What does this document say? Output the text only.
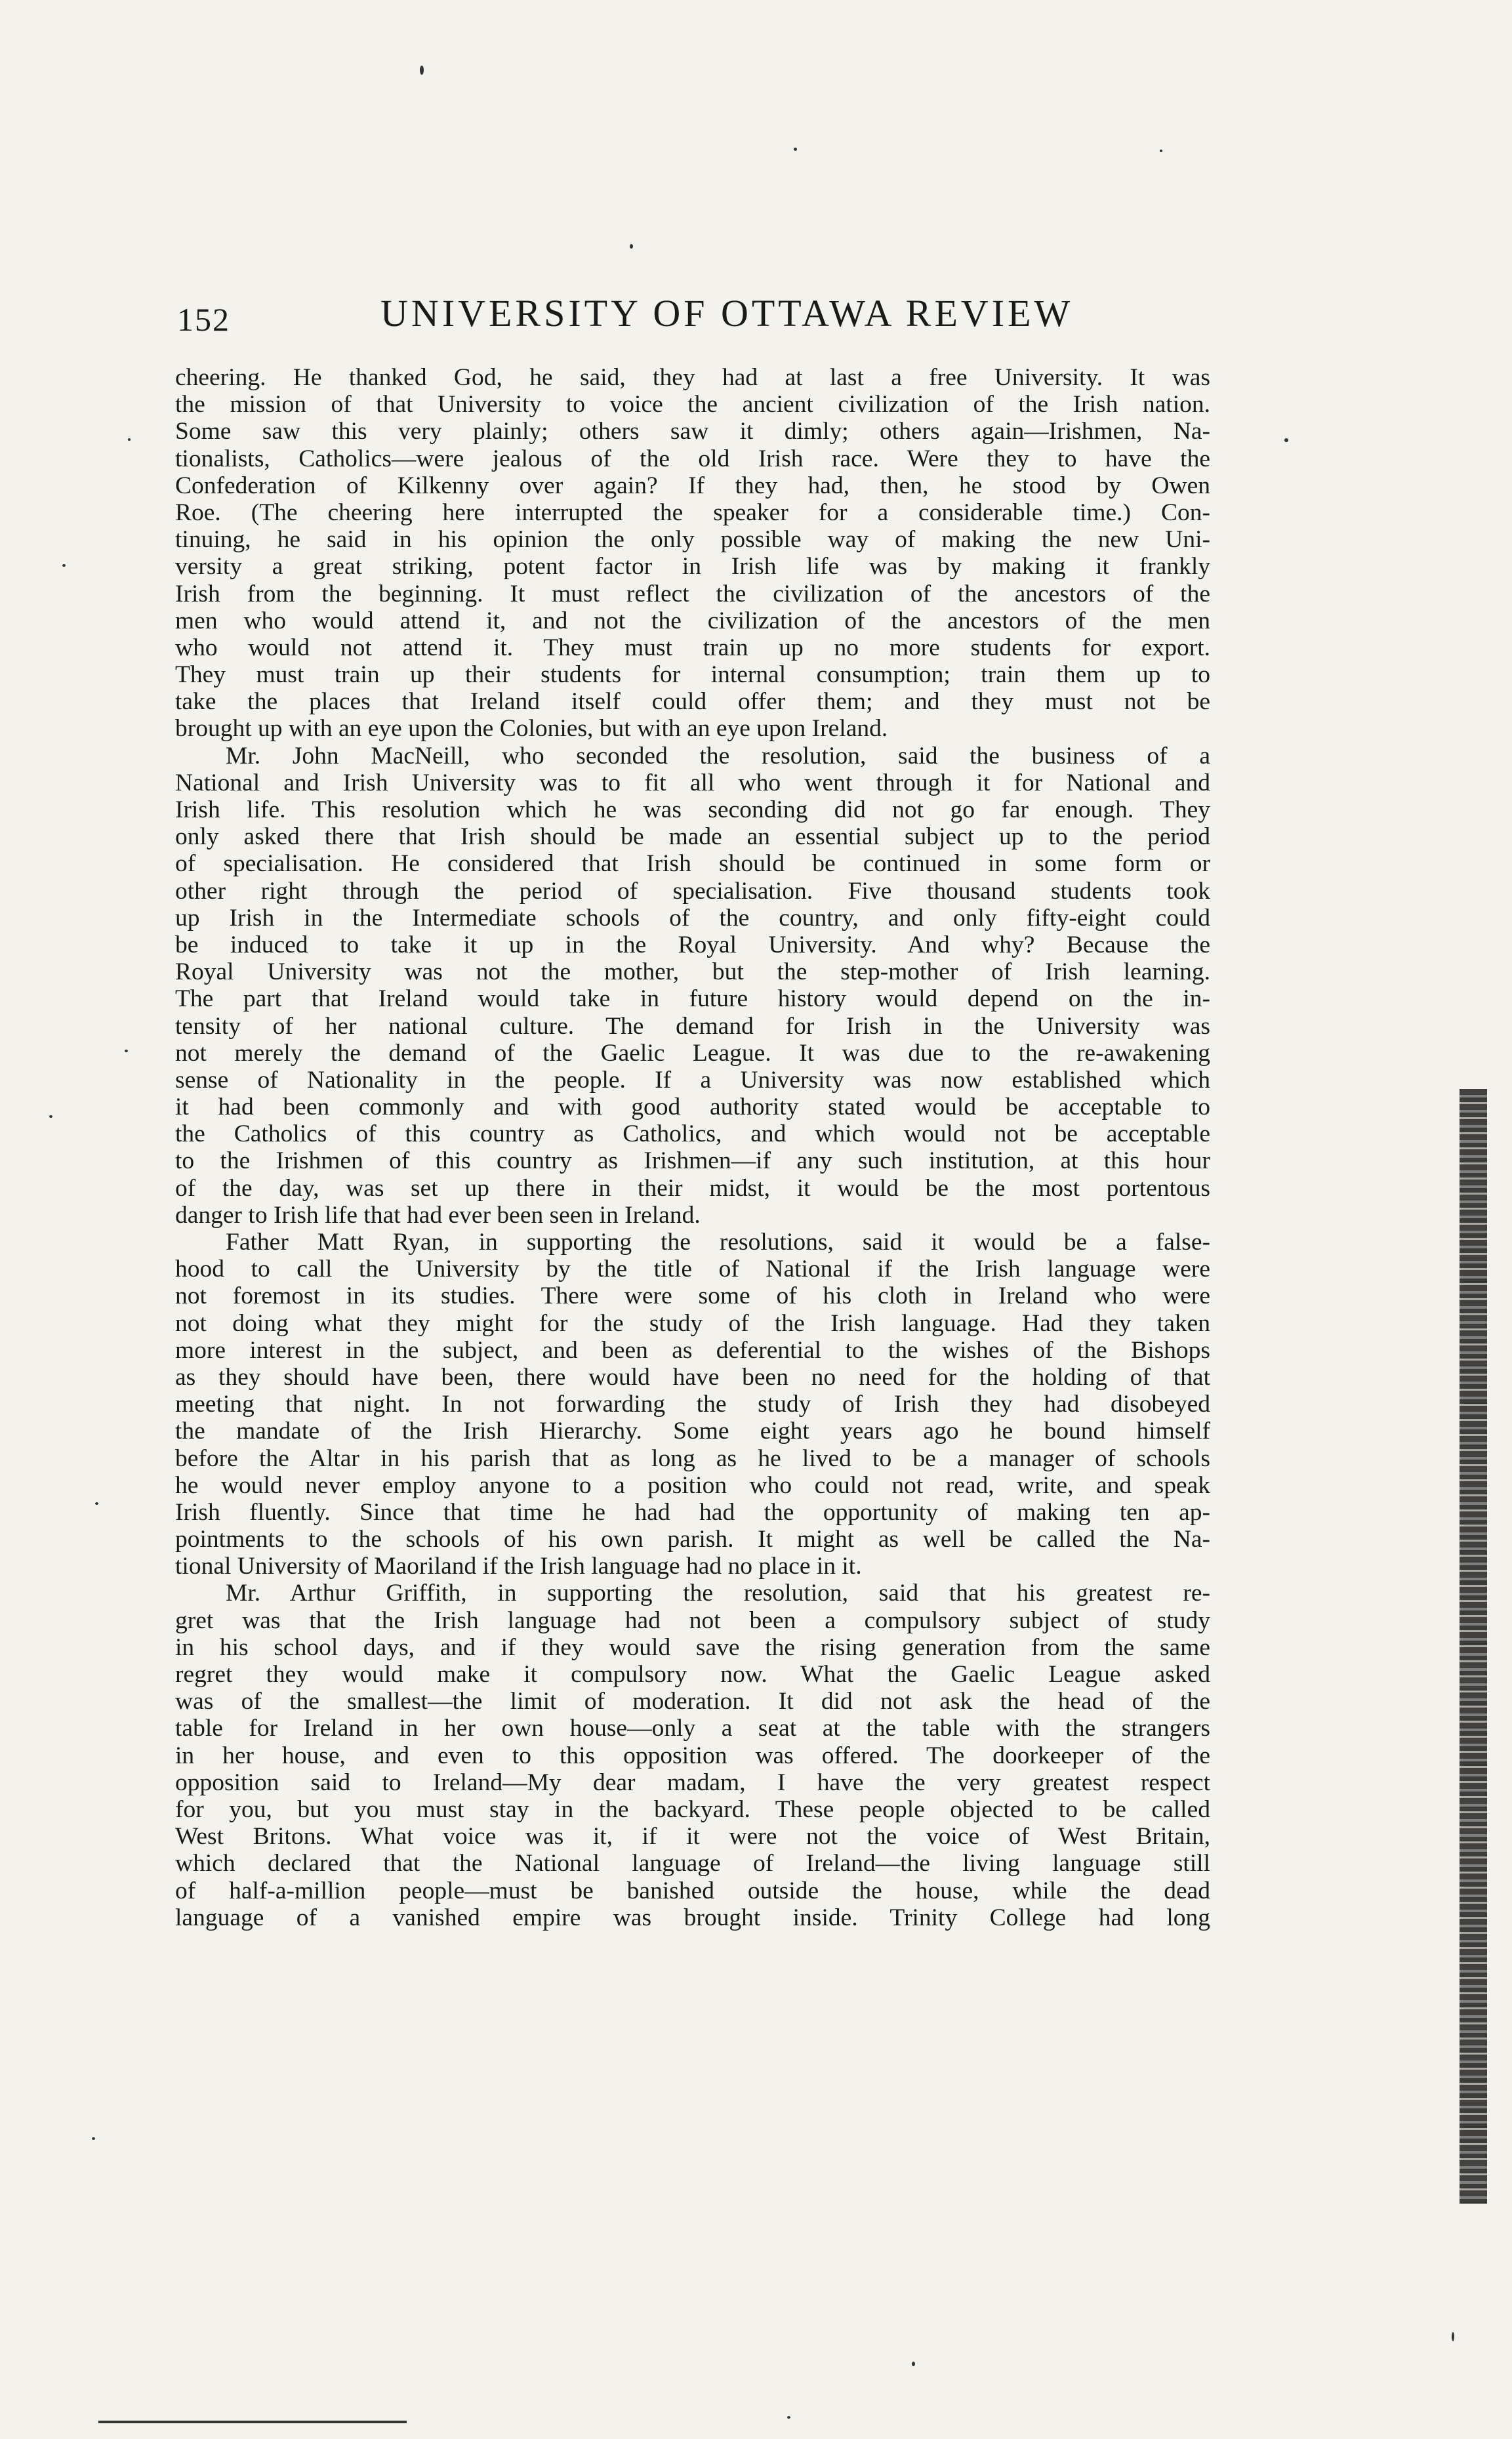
152	UNIVERSITY OF OTTAWA REVIEW
cheering. He thanked God, he said, they had at last a free University. It was
the mission of that University to voice the ancient civilization of the Irish nation.
Some saw this very plainly; others saw it dimly; others again—Irishmen, Na-
tionalists, Catholics—were jealous of the old Irish race. Were they to have the
Confederation of Kilkenny over again? If they had, then, he stood by Owen
Roe. (The cheering here interrupted the speaker for a considerable time.) Con-
tinuing, he said in his opinion the only possible way of making the new Uni-
versity a great striking, potent factor in Irish life was by making it frankly
Irish from the beginning. It must reflect the civilization of the ancestors of the
men who would attend it, and not the civilization of the ancestors of the men
who would not attend it. They must train up no more students for export.
They must train up their students for internal consumption; train them up to
take the places that Ireland itself could offer them; and they must not be
brought up with an eye upon the Colonies, but with an eye upon Ireland.
Mr. John MacNeill, who seconded the resolution, said the business of a
National and Irish University was to fit all who went through it for National and
Irish life. This resolution which he was seconding did not go far enough. They
only asked there that Irish should be made an essential subject up to the period
of specialisation. He considered that Irish should be continued in some form or
other right through the period of specialisation. Five thousand students took
up Irish in the Intermediate schools of the country, and only fifty-eight could
be induced to take it up in the Royal University. And why? Because the
Royal University was not the mother, but the step-mother of Irish learning.
The part that Ireland would take in future history would depend on the in-
tensity of her national culture. The demand for Irish in the University was
not merely the demand of the Gaelic League. It was due to the re-awakening
sense of Nationality in the people. If a University was now established which
it had been commonly and with good authority stated would be acceptable to
the Catholics of this country as Catholics, and which would not be acceptable
to the Irishmen of this country as Irishmen—if any such institution, at this hour
of the day, was set up there in their midst, it would be the most portentous
danger to Irish life that had ever been seen in Ireland.
Father Matt Ryan, in supporting the resolutions, said it would be a false-
hood to call the University by the title of National if the Irish language were
not foremost in its studies. There were some of his cloth in Ireland who were
not doing what they might for the study of the Irish language. Had they taken
more interest in the subject, and been as deferential to the wishes of the Bishops
as they should have been, there would have been no need for the holding of that
meeting that night. In not forwarding the study of Irish they had disobeyed
the mandate of the Irish Hierarchy. Some eight years ago he bound himself
before the Altar in his parish that as long as he lived to be a manager of schools
he would never employ anyone to a position who could not read, write, and speak
Irish fluently. Since that time he had had the opportunity of making ten ap-
pointments to the schools of his own parish. It might as well be called the Na-
tional University of Maoriland if the Irish language had no place in it.
Mr. Arthur Griffith, in supporting the resolution, said that his greatest re-
gret was that the Irish language had not been a compulsory subject of study
in his school days, and if they would save the rising generation from the same
regret they would make it compulsory now. What the Gaelic League asked
was of the smallest—the limit of moderation. It did not ask the head of the
table for Ireland in her own house—only a seat at the table with the strangers
in her house, and even to this opposition was offered. The doorkeeper of the
opposition said to Ireland—My dear madam, I have the very greatest respect
for you, but you must stay in the backyard. These people objected to be called
West Britons. What voice was it, if it were not the voice of West Britain,
which declared that the National language of Ireland—the living language still
of half-a-million people—must be banished outside the house, while the dead
language of a vanished empire was brought inside. Trinity College had long
